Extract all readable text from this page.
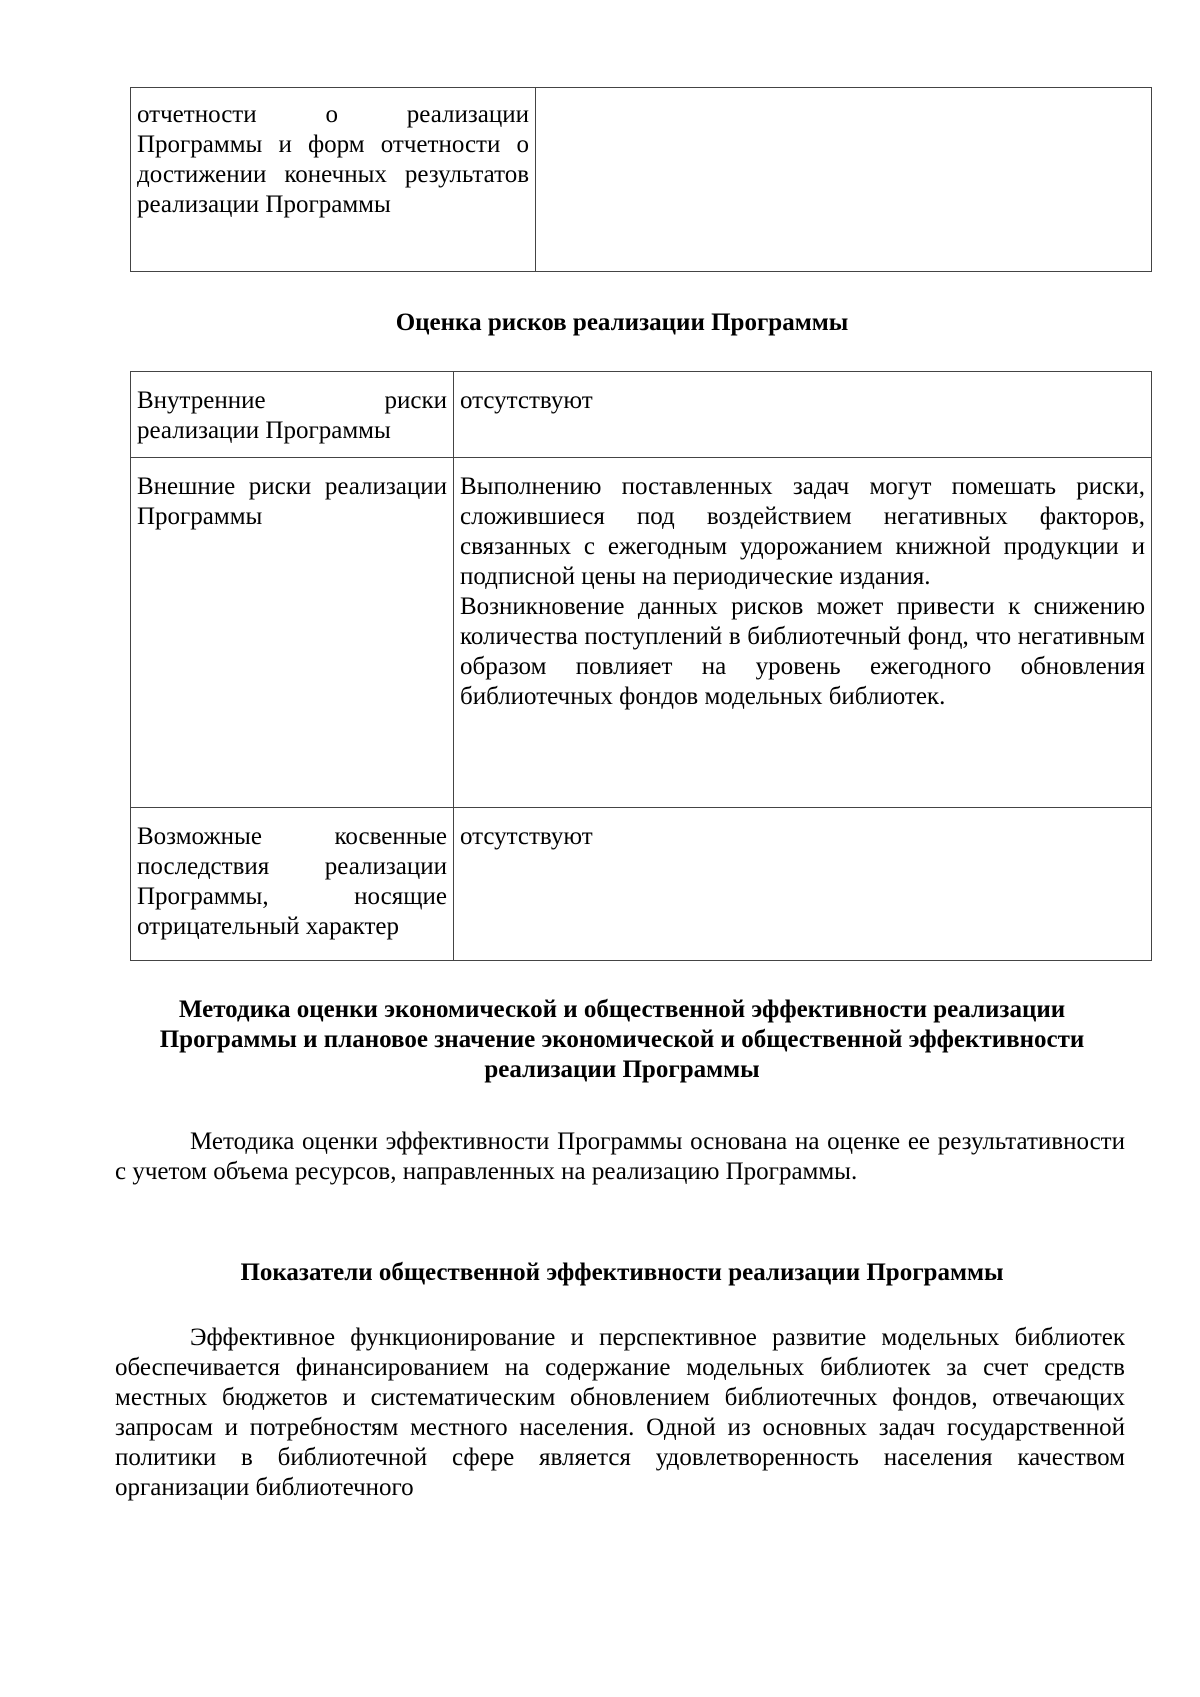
отчетности о реализации Программы и форм отчетности о достижении конечных результатов реализации Программы	
Оценка рисков реализации Программы
Внутренние риски реализации Программы	отсутствуют
Внешние риски реализации Программы	Выполнению поставленных задач могут помешать риски, сложившиеся под воздействием негативных факторов, связанных с ежегодным удорожанием книжной продукции и подписной цены на периодические издания.
Возникновение данных рисков может привести к снижению количества поступлений в библиотечный фонд, что негативным образом повлияет на уровень ежегодного обновления библиотечных фондов модельных библиотек.

Возможные косвенные последствия реализации Программы, носящие отрицательный характер	отсутствуют
Методика оценки экономической и общественной эффективности реализации Программы и плановое значение экономической и общественной эффективности реализации Программы
Методика оценки эффективности Программы основана на оценке ее результативности с учетом объема ресурсов, направленных на реализацию Программы.
Показатели общественной эффективности реализации Программы
Эффективное функционирование и перспективное развитие модельных библиотек обеспечивается финансированием на содержание модельных библиотек за счет средств местных бюджетов и систематическим обновлением библиотечных фондов, отвечающих запросам и потребностям местного населения. Одной из основных задач государственной политики в библиотечной сфере является удовлетворенность населения качеством организации библиотечного
